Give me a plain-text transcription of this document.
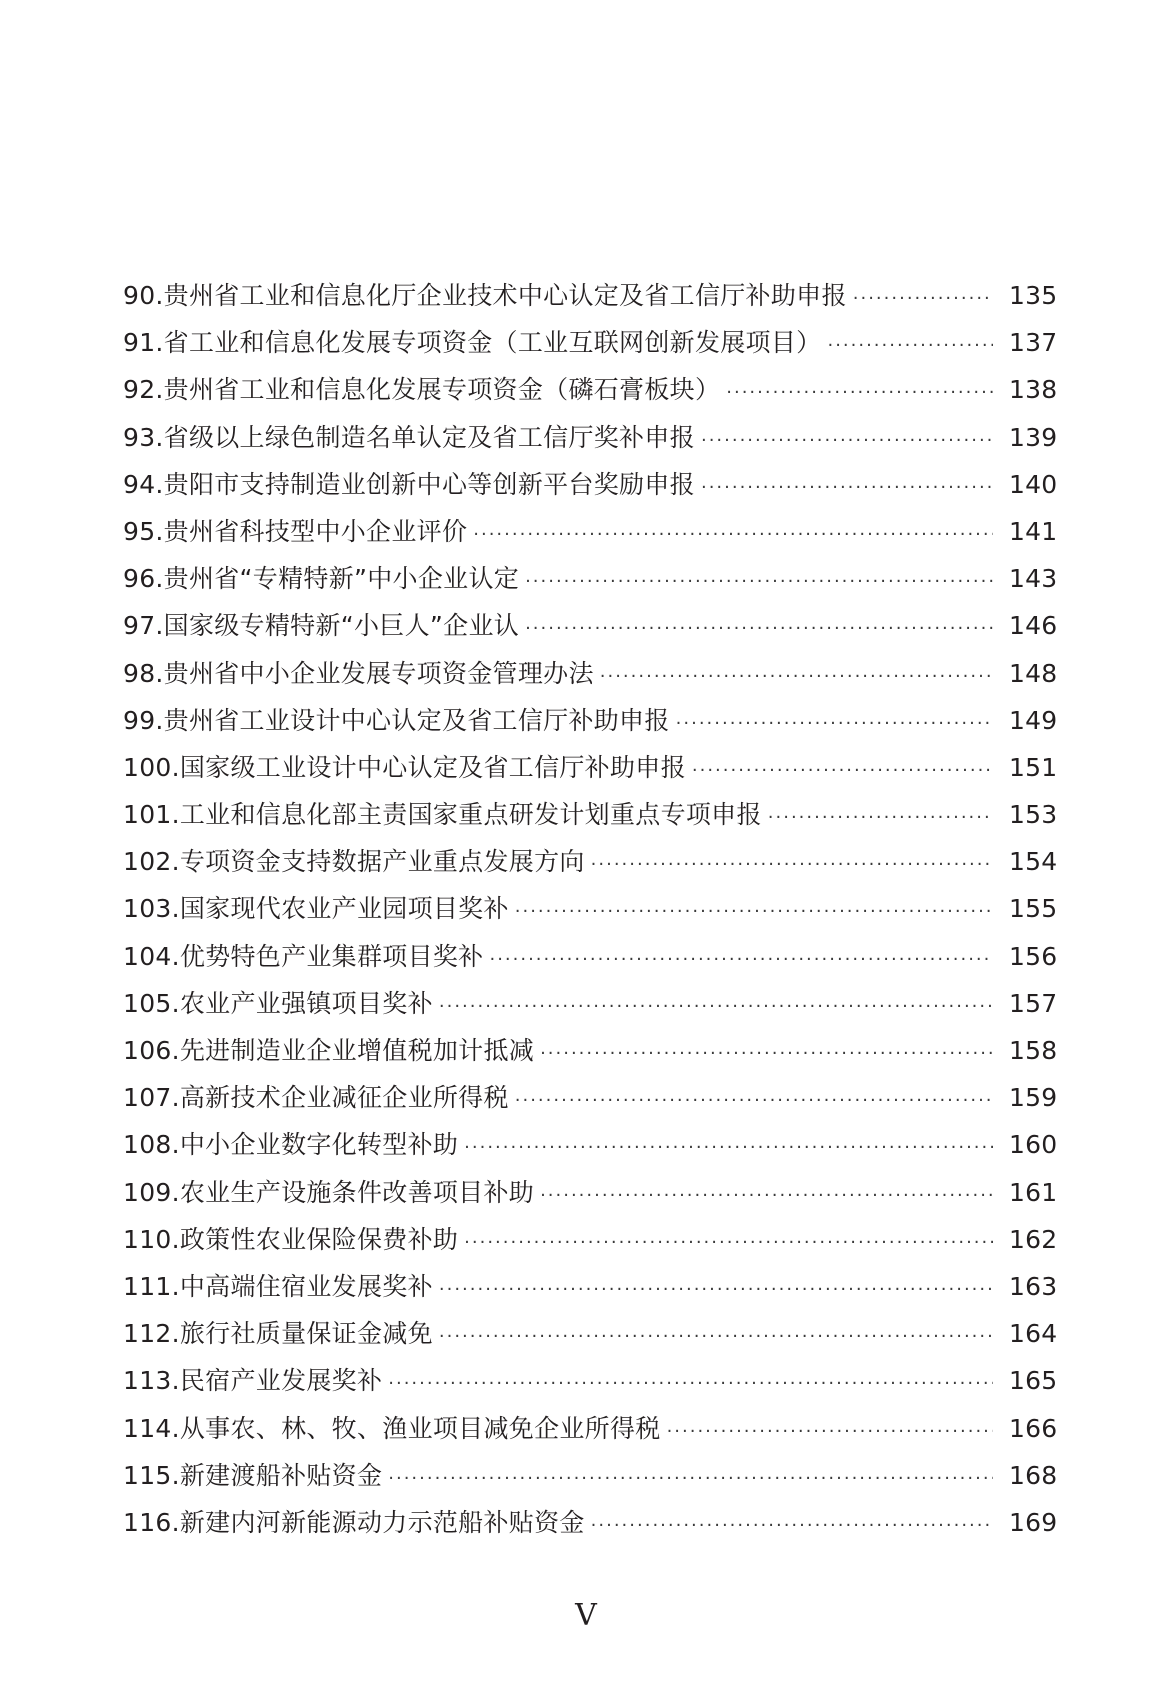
90.贵州省工业和信息化厅企业技术中心认定及省工信厅补助申报 ·····	135
91.省工业和信息化发展专项资金（工业互联网创新发展项目） ·····	137
92.贵州省工业和信息化发展专项资金（磷石膏板块） ·····	138
93.省级以上绿色制造名单认定及省工信厅奖补申报 ·····	139
94.贵阳市支持制造业创新中心等创新平台奖励申报 ·····	140
95.贵州省科技型中小企业评价 ·····	141
96.贵州省“专精特新”中小企业认定 ·····	143
97.国家级专精特新“小巨人”企业认 ·····	146
98.贵州省中小企业发展专项资金管理办法 ·····	148
99.贵州省工业设计中心认定及省工信厅补助申报 ·····	149
100.国家级工业设计中心认定及省工信厅补助申报 ·····	151
101.工业和信息化部主责国家重点研发计划重点专项申报 ·····	153
102.专项资金支持数据产业重点发展方向 ·····	154
103.国家现代农业产业园项目奖补 ·····	155
104.优势特色产业集群项目奖补 ·····	156
105.农业产业强镇项目奖补 ·····	157
106.先进制造业企业增值税加计抵减 ·····	158
107.高新技术企业减征企业所得税 ·····	159
108.中小企业数字化转型补助 ·····	160
109.农业生产设施条件改善项目补助 ·····	161
110.政策性农业保险保费补助 ·····	162
111.中高端住宿业发展奖补 ·····	163
112.旅行社质量保证金减免 ·····	164
113.民宿产业发展奖补 ·····	165
114.从事农、林、牧、渔业项目减免企业所得税 ·····	166
115.新建渡船补贴资金 ·····	168
116.新建内河新能源动力示范船补贴资金 ·····	169
V
